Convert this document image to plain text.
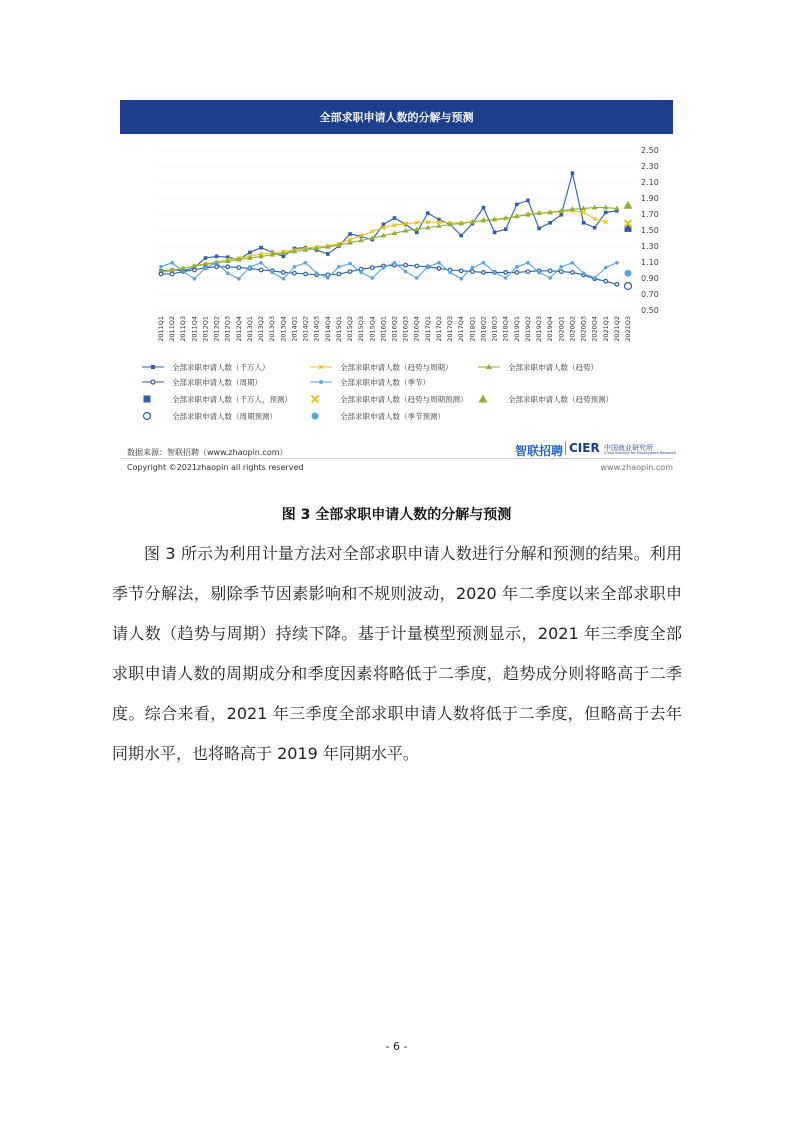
全部求职申请人数的分解与预测
2.50
2.30
2.10
1.90
1.70
1.50
1.30
1.10
0.90
0.70
0.50
2011Q1 2011Q2 2011Q3 2011Q4 2012Q1 2012Q2 2012Q3 2012Q4 2013Q1 2013Q2 2013Q3 2013Q4 2014Q1 2014Q2 2014Q3 2014Q4 2015Q1 2015Q2 2015Q3 2015Q4 2016Q1 2016Q2 2016Q3 2016Q4 2017Q1 2017Q2 2017Q3 2017Q4 2018Q1 2018Q2 2018Q3 2018Q4 2019Q1 2019Q2 2019Q3 2019Q4 2020Q1 2020Q2 2020Q3 2020Q4 2021Q1 2021Q2 2021Q3
全部求职申请人数（千万人）	全部求职申请人数（趋势与周期）	全部求职申请人数（趋势）
全部求职申请人数（周期）	全部求职申请人数（季节）
全部求职申请人数（千万人，预测）	全部求职申请人数（趋势与周期预测）	全部求职申请人数（趋势预测）
全部求职申请人数（周期预测）	全部求职申请人数（季节预测）
数据来源：智联招聘（www.zhaopin.com）	智联招聘 CIER 中国就业研究所
China Institute for Employment Research
Copyright ©2021zhaopin all rights reserved	www.zhaopin.com
图 3 全部求职申请人数的分解与预测

图 3 所示为利用计量方法对全部求职申请人数进行分解和预测的结果。利用季节分解法，剔除季节因素影响和不规则波动，2020 年二季度以来全部求职申请人数（趋势与周期）持续下降。基于计量模型预测显示，2021 年三季度全部求职申请人数的周期成分和季度因素将略低于二季度，趋势成分则将略高于二季度。综合来看，2021 年三季度全部求职申请人数将低于二季度，但略高于去年同期水平，也将略高于 2019 年同期水平。

- 6 -
